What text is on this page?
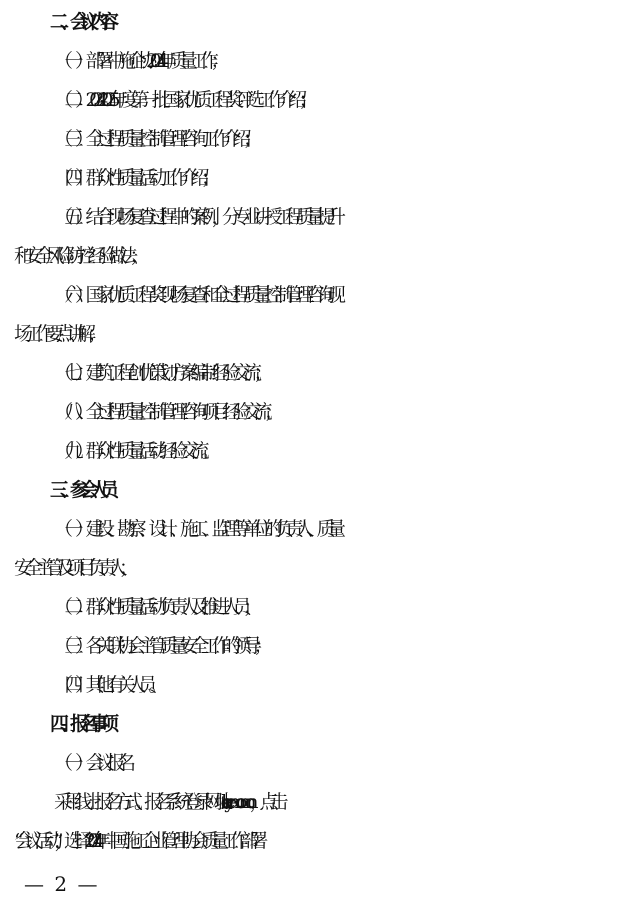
二、会议内容
（一）部署中施企协 2024 年质量工作；
（二）2024-2025 年度第一批国家优质工程奖评选工作介绍；
（三）全过程质量控制管理咨询工作介绍；
（四）群众性质量活动工作介绍；
（五）结合现场复查过程中的案例，分专业讲授工程质量提升
和安全风险防控经验做法；
（六）国家优质工程奖现场复查和全过程质量控制管理咨询现
场工作要点讲解；
（七）建筑工程创优策划方案编制经验交流；
（八）全过程质量控制管理咨询项目经验交流；
（九）群众性质量活动经验交流。
三、参会人员
（一）建设、勘察、设计、施工、监理等单位的负责人、质量
安全主管及项目负责人；
（二）群众性质量活动负责人及推进人员；
（三）各关联协会主管质量安全工作的领导；
（四）其他有关人员。
四、报名事项
（一）会议报名
采用线上报名方式。报名系统登录网址 hy.cacem.com.cn，点击
“会议活动”，选择“2024 年中国施工企业管理协会质量工作部署
— 2 —
